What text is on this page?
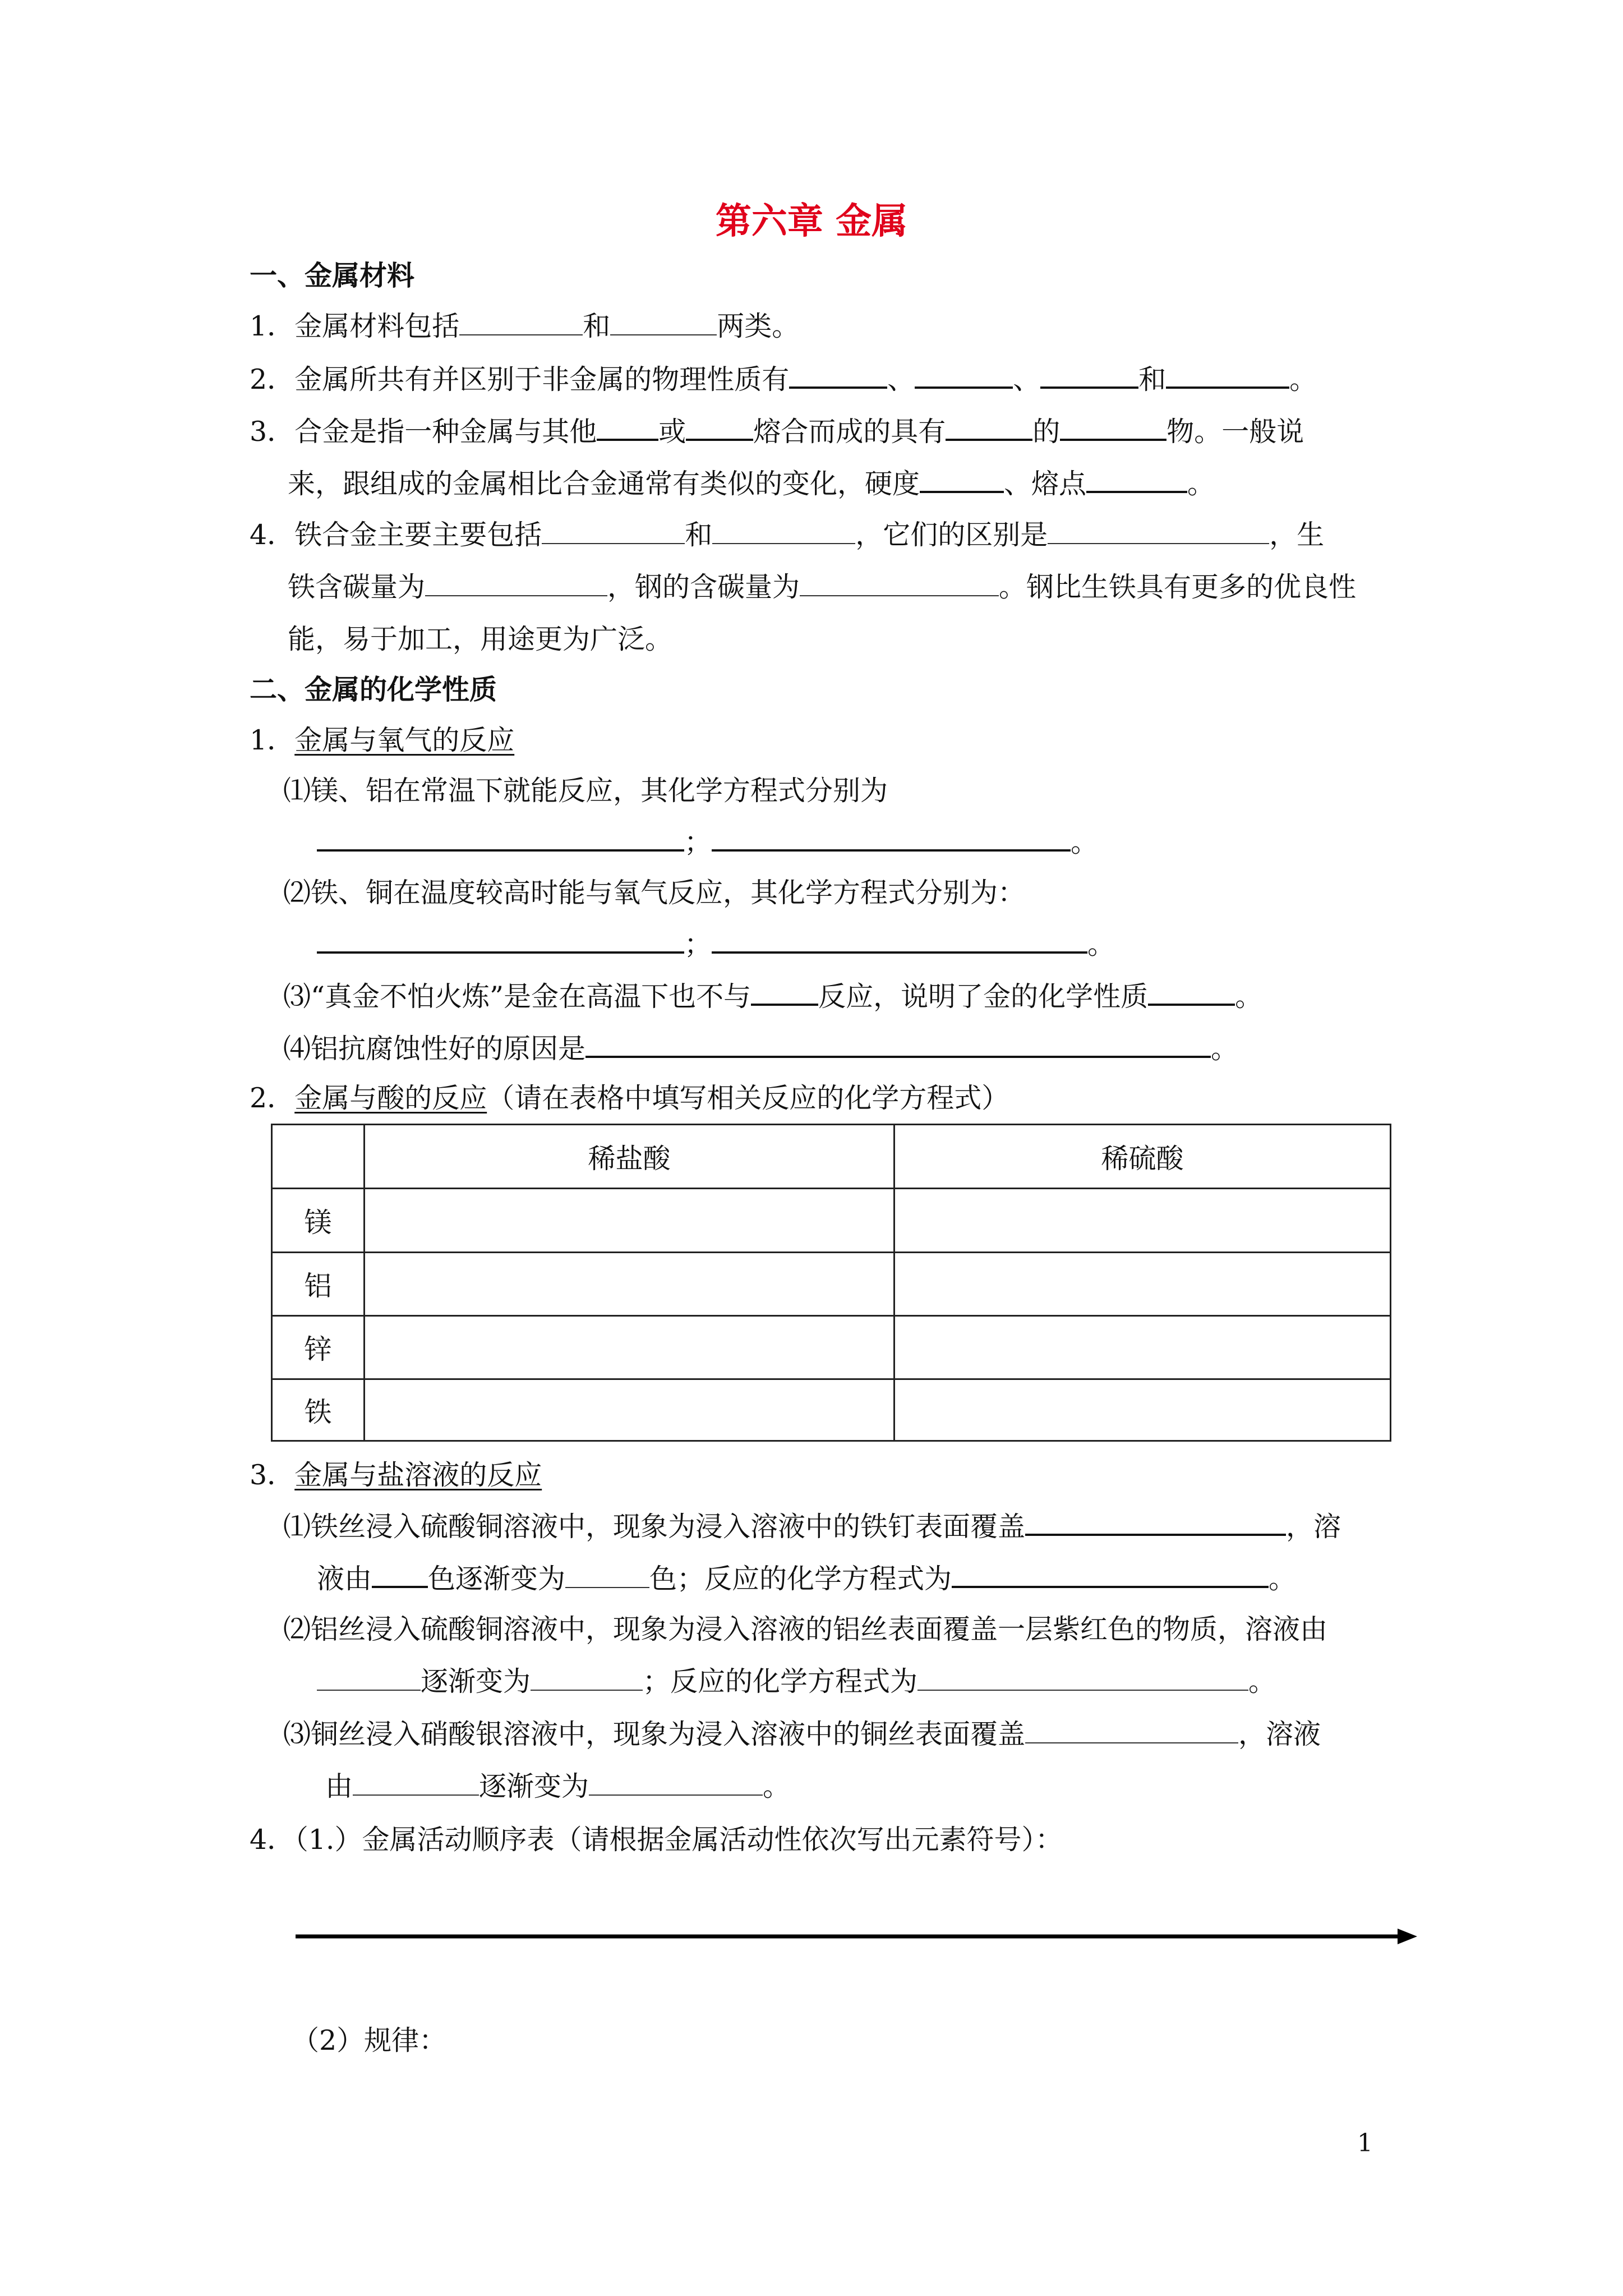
第六章 金属
一、金属材料
1．金属材料包括	和	两类。
2．金属所共有并区别于非金属的物理性质有	、	、	和	。
3．合金是指一种金属与其他 或 熔合而成的具有	的	物。一般说
来，跟组成的金属相比合金通常有类似的变化，硬度	、熔点	。
4．铁合金主要主要包括	和	，它们的区别是	，生
铁含碳量为	，钢的含碳量为	。钢比生铁具有更多的优良性
能，易于加工，用途更为广泛。
二、金属的化学性质
1．金属与氧气的反应
⑴镁、铝在常温下就能反应，其化学方程式分别为
；	。
⑵铁、铜在温度较高时能与氧气反应，其化学方程式分别为：
；	。
⑶“真金不怕火炼”是金在高温下也不与 反应，说明了金的化学性质	。
⑷铝抗腐蚀性好的原因是	。
2．金属与酸的反应（请在表格中填写相关反应的化学方程式）
	稀盐酸	稀硫酸
镁		
铝		
锌		
铁		
3．金属与盐溶液的反应
⑴铁丝浸入硫酸铜溶液中，现象为浸入溶液中的铁钉表面覆盖	，溶
液由 色逐渐变为	色；反应的化学方程式为	。
⑵铝丝浸入硫酸铜溶液中，现象为浸入溶液的铝丝表面覆盖一层紫红色的物质，溶液由
逐渐变为	；反应的化学方程式为	。
⑶铜丝浸入硝酸银溶液中，现象为浸入溶液中的铜丝表面覆盖	，溶液
由	逐渐变为	。
4．（1.）金属活动顺序表（请根据金属活动性依次写出元素符号）：
（2）规律：
1
